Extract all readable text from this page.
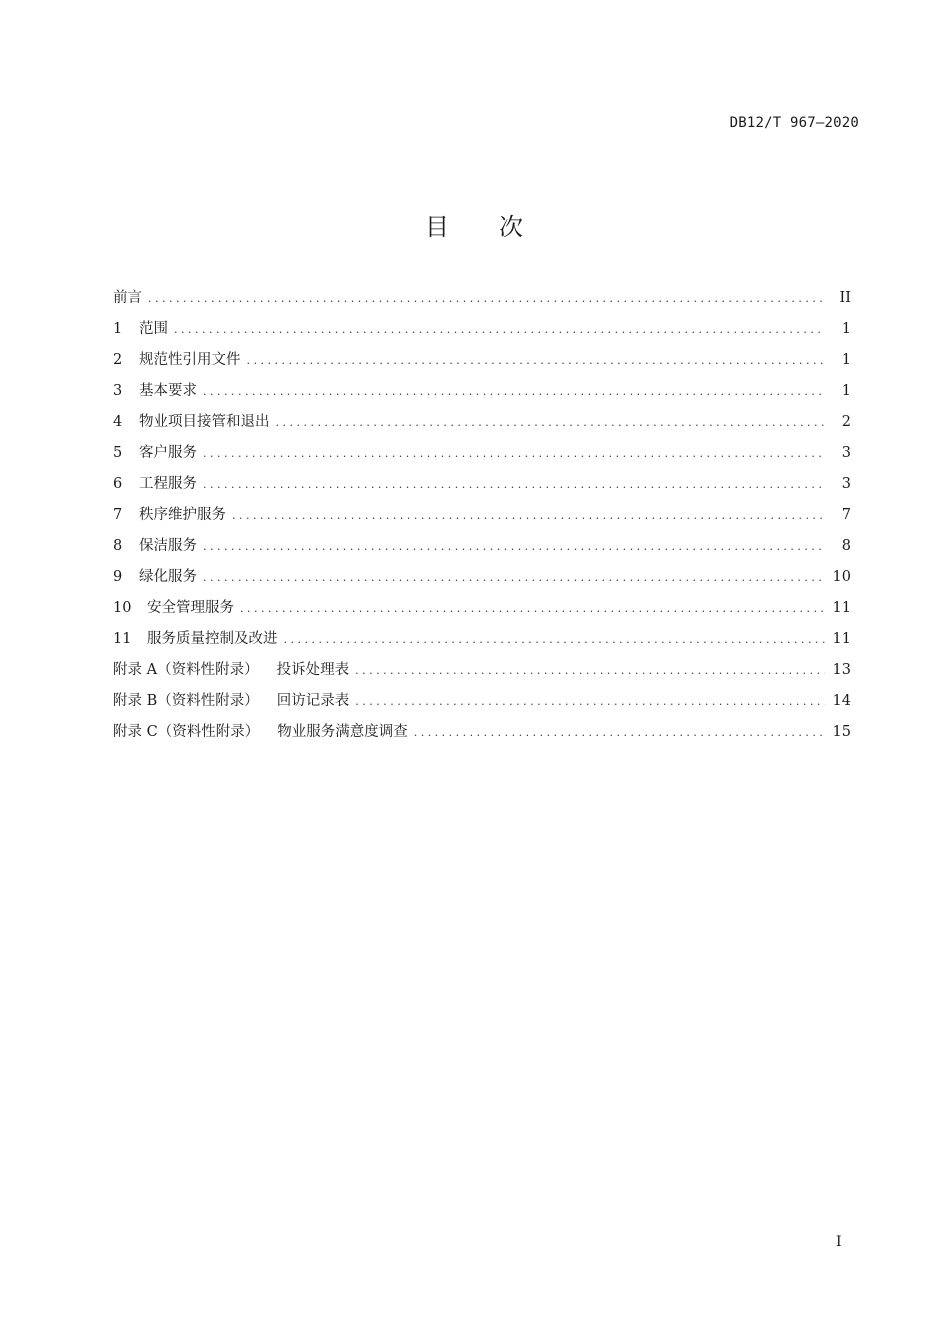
DB12/T 967—2020
目 次
前言 . . .	II
1	范围 . . .	1
2	规范性引用文件 . . .	1
3	基本要求 . . .	1
4	物业项目接管和退出 . . .	2
5	客户服务 . . .	3
6	工程服务 . . .	3
7	秩序维护服务 . . .	7
8	保洁服务 . . .	8
9	绿化服务 . . .	10
10	安全管理服务 . . .	11
11	服务质量控制及改进 . . .	11
附录 A（资料性附录） 投诉处理表 . . .	13
附录 B（资料性附录） 回访记录表 . . .	14
附录 C（资料性附录） 物业服务满意度调查 . . .	15
I
